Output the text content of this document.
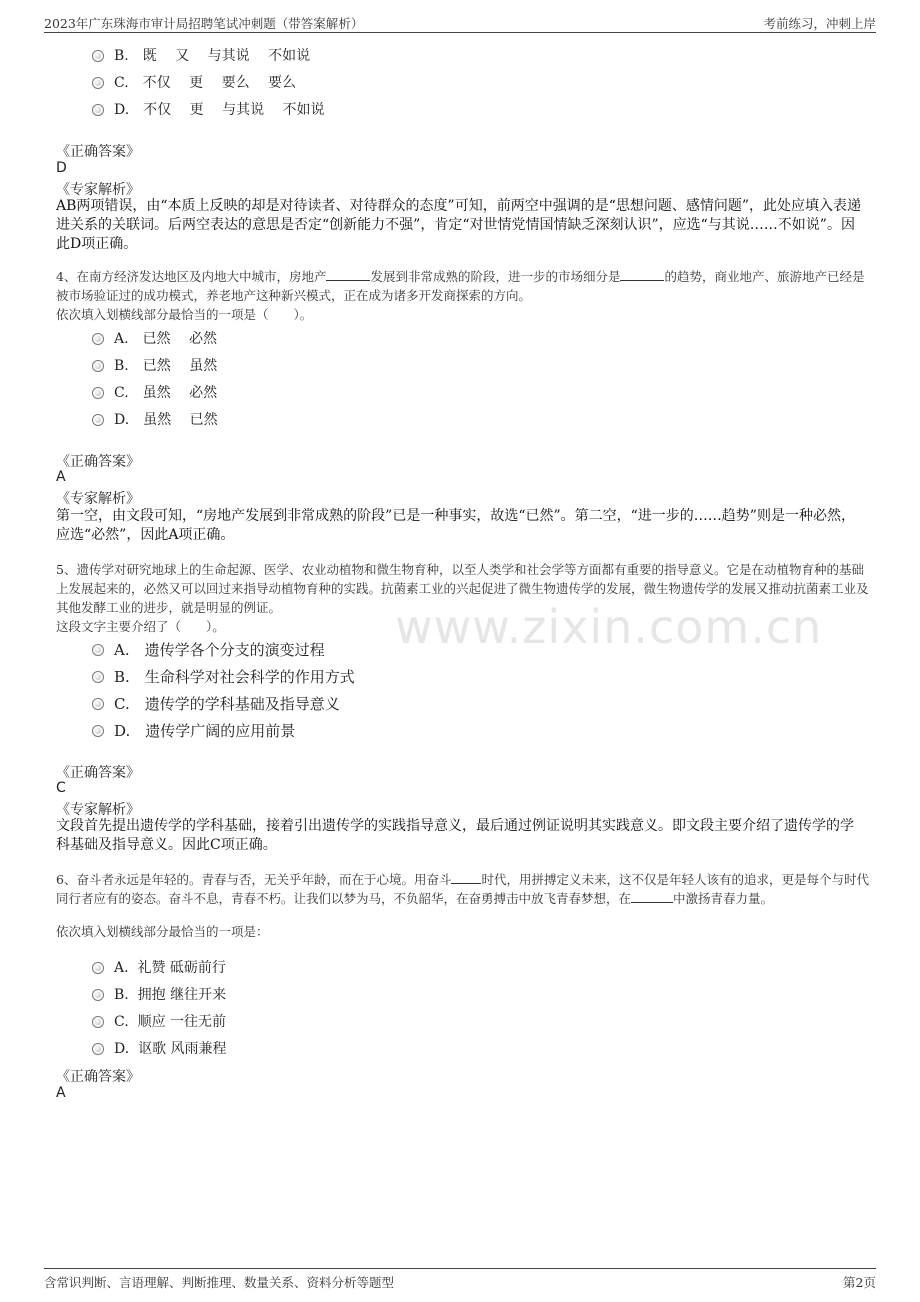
2023年广东珠海市审计局招聘笔试冲刺题（带答案解析）	考前练习，冲刺上岸
www.zixin.com.cn
B.　既　 又　 与其说　 不如说
C.　不仅　 更　 要么　 要么
D.　不仅　 更　 与其说　 不如说
《正确答案》
D
《专家解析》
AB两项错误，由“本质上反映的却是对待读者、对待群众的态度”可知，前两空中强调的是“思想问题、感情问题”，此处应填入表递进关系的关联词。后两空表达的意思是否定“创新能力不强”，肯定“对世情党情国情缺乏深刻认识”，应选“与其说……不如说”。因此D项正确。
4、在南方经济发达地区及内地大中城市，房地产	发展到非常成熟的阶段，进一步的市场细分是	的趋势，商业地产、旅游地产已经是被市场验证过的成功模式，养老地产这种新兴模式，正在成为诸多开发商探索的方向。
依次填入划横线部分最恰当的一项是（　　）。
A.　已然　 必然
B.　已然　 虽然
C.　虽然　 必然
D.　虽然　 已然
《正确答案》
A
《专家解析》
第一空，由文段可知，“房地产发展到非常成熟的阶段”已是一种事实，故选“已然”。第二空，“进一步的……趋势”则是一种必然，应选“必然”，因此A项正确。
5、遗传学对研究地球上的生命起源、医学、农业动植物和微生物育种，以至人类学和社会学等方面都有重要的指导意义。它是在动植物育种的基础上发展起来的，必然又可以回过来指导动植物育种的实践。抗菌素工业的兴起促进了微生物遗传学的发展，微生物遗传学的发展又推动抗菌素工业及其他发酵工业的进步，就是明显的例证。
这段文字主要介绍了（　　）。
A.　遗传学各个分支的演变过程
B.　生命科学对社会科学的作用方式
C.　遗传学的学科基础及指导意义
D.　遗传学广阔的应用前景
《正确答案》
C
《专家解析》
文段首先提出遗传学的学科基础，接着引出遗传学的实践指导意义，最后通过例证说明其实践意义。即文段主要介绍了遗传学的学科基础及指导意义。因此C项正确。
6、奋斗者永远是年轻的。青春与否，无关乎年龄，而在于心境。用奋斗 时代，用拼搏定义未来，这不仅是年轻人该有的追求，更是每个与时代同行者应有的姿态。奋斗不息，青春不朽。让我们以梦为马，不负韶华，在奋勇搏击中放飞青春梦想，在	中激扬青春力量。
依次填入划横线部分最恰当的一项是：
A.  礼赞 砥砺前行
B.  拥抱 继往开来
C.  顺应 一往无前
D.  讴歌 风雨兼程
《正确答案》
A
含常识判断、言语理解、判断推理、数量关系、资料分析等题型	第2页
